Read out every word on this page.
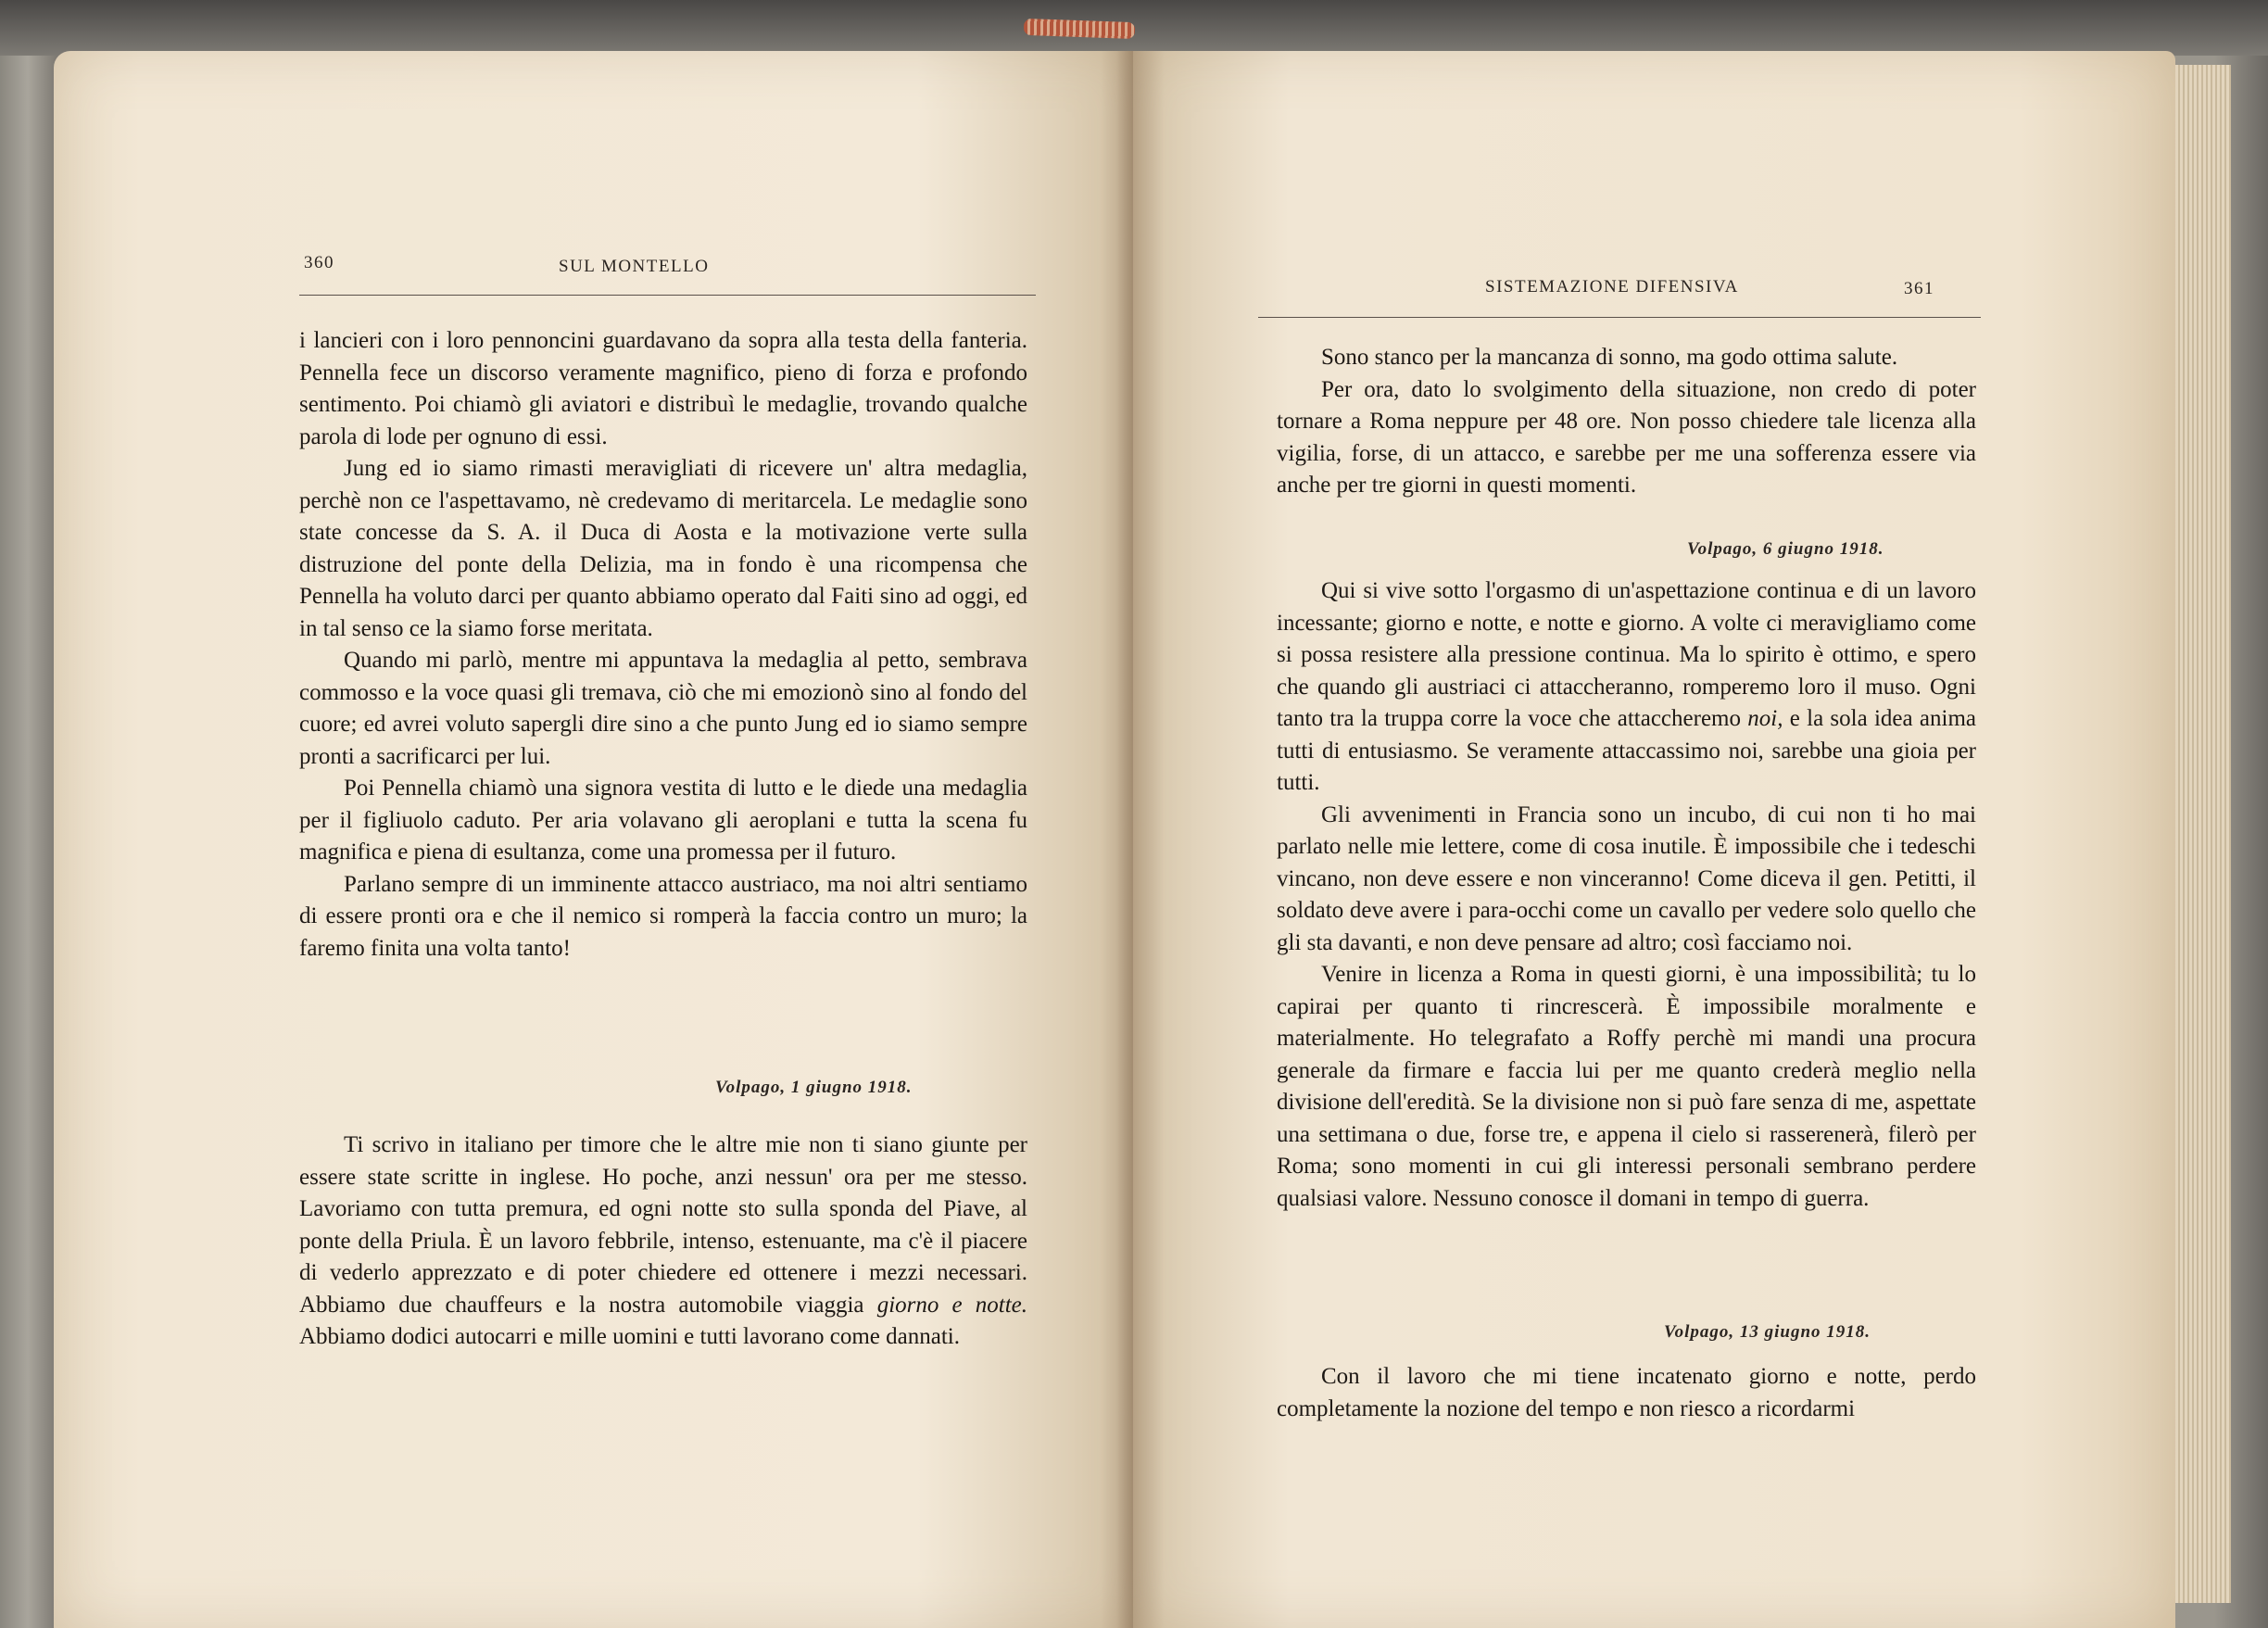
360	SUL MONTELLO

i lancieri con i loro pennoncini guardavano da sopra alla testa della fanteria. Pennella fece un discorso veramente magnifico, pieno di forza e profondo sentimento. Poi chiamò gli aviatori e distribuì le medaglie, trovando qualche parola di lode per ognuno di essi.

Jung ed io siamo rimasti meravigliati di ricevere un' altra medaglia, perchè non ce l'aspettavamo, nè credevamo di meritarcela. Le medaglie sono state concesse da S. A. il Duca di Aosta e la motivazione verte sulla distruzione del ponte della Delizia, ma in fondo è una ricompensa che Pennella ha voluto darci per quanto abbiamo operato dal Faiti sino ad oggi, ed in tal senso ce la siamo forse meritata.

Quando mi parlò, mentre mi appuntava la medaglia al petto, sembrava commosso e la voce quasi gli tremava, ciò che mi emozionò sino al fondo del cuore; ed avrei voluto sapergli dire sino a che punto Jung ed io siamo sempre pronti a sacrificarci per lui.

Poi Pennella chiamò una signora vestita di lutto e le diede una medaglia per il figliuolo caduto. Per aria volavano gli aeroplani e tutta la scena fu magnifica e piena di esultanza, come una promessa per il futuro.

Parlano sempre di un imminente attacco austriaco, ma noi altri sentiamo di essere pronti ora e che il nemico si romperà la faccia contro un muro; la faremo finita una volta tanto!

Volpago, 1 giugno 1918.

Ti scrivo in italiano per timore che le altre mie non ti siano giunte per essere state scritte in inglese. Ho poche, anzi nessun' ora per me stesso. Lavoriamo con tutta premura, ed ogni notte sto sulla sponda del Piave, al ponte della Priula. È un lavoro febbrile, intenso, estenuante, ma c'è il piacere di vederlo apprezzato e di poter chiedere ed ottenere i mezzi necessari. Abbiamo due chauffeurs e la nostra automobile viaggia giorno e notte. Abbiamo dodici autocarri e mille uomini e tutti lavorano come dannati.

SISTEMAZIONE DIFENSIVA	361

Sono stanco per la mancanza di sonno, ma godo ottima salute.

Per ora, dato lo svolgimento della situazione, non credo di poter tornare a Roma neppure per 48 ore. Non posso chiedere tale licenza alla vigilia, forse, di un attacco, e sarebbe per me una sofferenza essere via anche per tre giorni in questi momenti.

Volpago, 6 giugno 1918.

Qui si vive sotto l'orgasmo di un'aspettazione continua e di un lavoro incessante; giorno e notte, e notte e giorno. A volte ci meravigliamo come si possa resistere alla pressione continua. Ma lo spirito è ottimo, e spero che quando gli austriaci ci attaccheranno, romperemo loro il muso. Ogni tanto tra la truppa corre la voce che attaccheremo noi, e la sola idea anima tutti di entusiasmo. Se veramente attaccassimo noi, sarebbe una gioia per tutti.

Gli avvenimenti in Francia sono un incubo, di cui non ti ho mai parlato nelle mie lettere, come di cosa inutile. È impossibile che i tedeschi vincano, non deve essere e non vinceranno! Come diceva il gen. Petitti, il soldato deve avere i para-occhi come un cavallo per vedere solo quello che gli sta davanti, e non deve pensare ad altro; così facciamo noi.

Venire in licenza a Roma in questi giorni, è una impossibilità; tu lo capirai per quanto ti rincrescerà. È impossibile moralmente e materialmente. Ho telegrafato a Roffy perchè mi mandi una procura generale da firmare e faccia lui per me quanto crederà meglio nella divisione dell'eredità. Se la divisione non si può fare senza di me, aspettate una settimana o due, forse tre, e appena il cielo si rasserenerà, filerò per Roma; sono momenti in cui gli interessi personali sembrano perdere qualsiasi valore. Nessuno conosce il domani in tempo di guerra.

Volpago, 13 giugno 1918.

Con il lavoro che mi tiene incatenato giorno e notte, perdo completamente la nozione del tempo e non riesco a ricordarmi
